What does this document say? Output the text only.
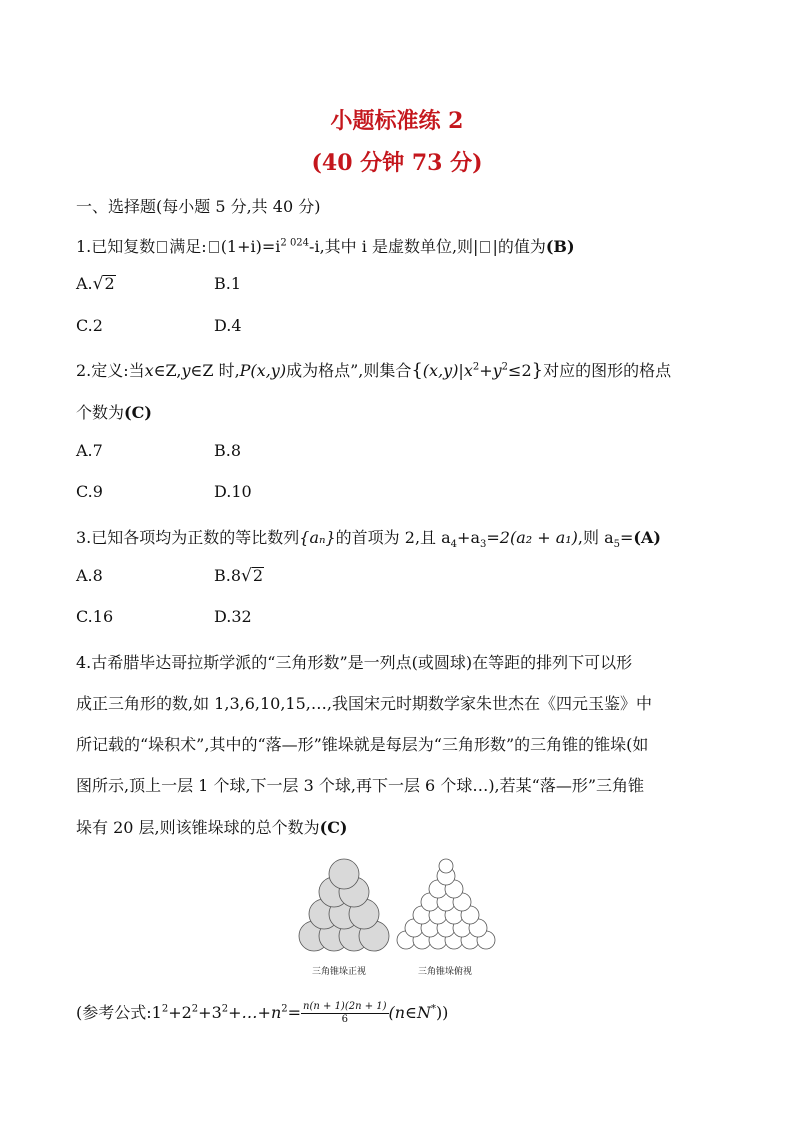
小题标准练 2
(40 分钟 73 分)
一、选择题(每小题 5 分,共 40 分)
1.已知复数 满足: $(1+i)=i^{2 024}-i$,其中 i 是虚数单位,则| |的值为(B)
A.√2	B.1
C.2	D.4
2.定义:当x∈Z,y∈Z 时,P(x,y)成为格点”,则集合$\{(x,y)|x^2+y^2\le 2\}$对应的图形的格点
个数为(C)
A.7	B.8
C.9	D.10
3.已知各项均为正数的等比数列{aₙ}的首项为 2,且 $a_4+a_3=2(a_2 + a_1)$,则 $a_5=(A)$
A.8	B.8√2
C.16	D.32
4.古希腊毕达哥拉斯学派的“三角形数”是一列点(或圆球)在等距的排列下可以形
成正三角形的数,如 1,3,6,10,15,…,我国宋元时期数学家朱世杰在《四元玉鉴》中
所记载的“垛积术”,其中的“落—形”锥垛就是每层为“三角形数”的三角锥的锥垛(如
图所示,顶上一层 1 个球,下一层 3 个球,再下一层 6 个球…),若某“落—形”三角锥
垛有 20 层,则该锥垛球的总个数为(C)
三角锥垛正视	三角锥垛俯视
(参考公式$:1^2+2^2+3^2+\dots+n^2= \frac{n(n + 1)(2n + 1)}{6}$ (n∈N*))
